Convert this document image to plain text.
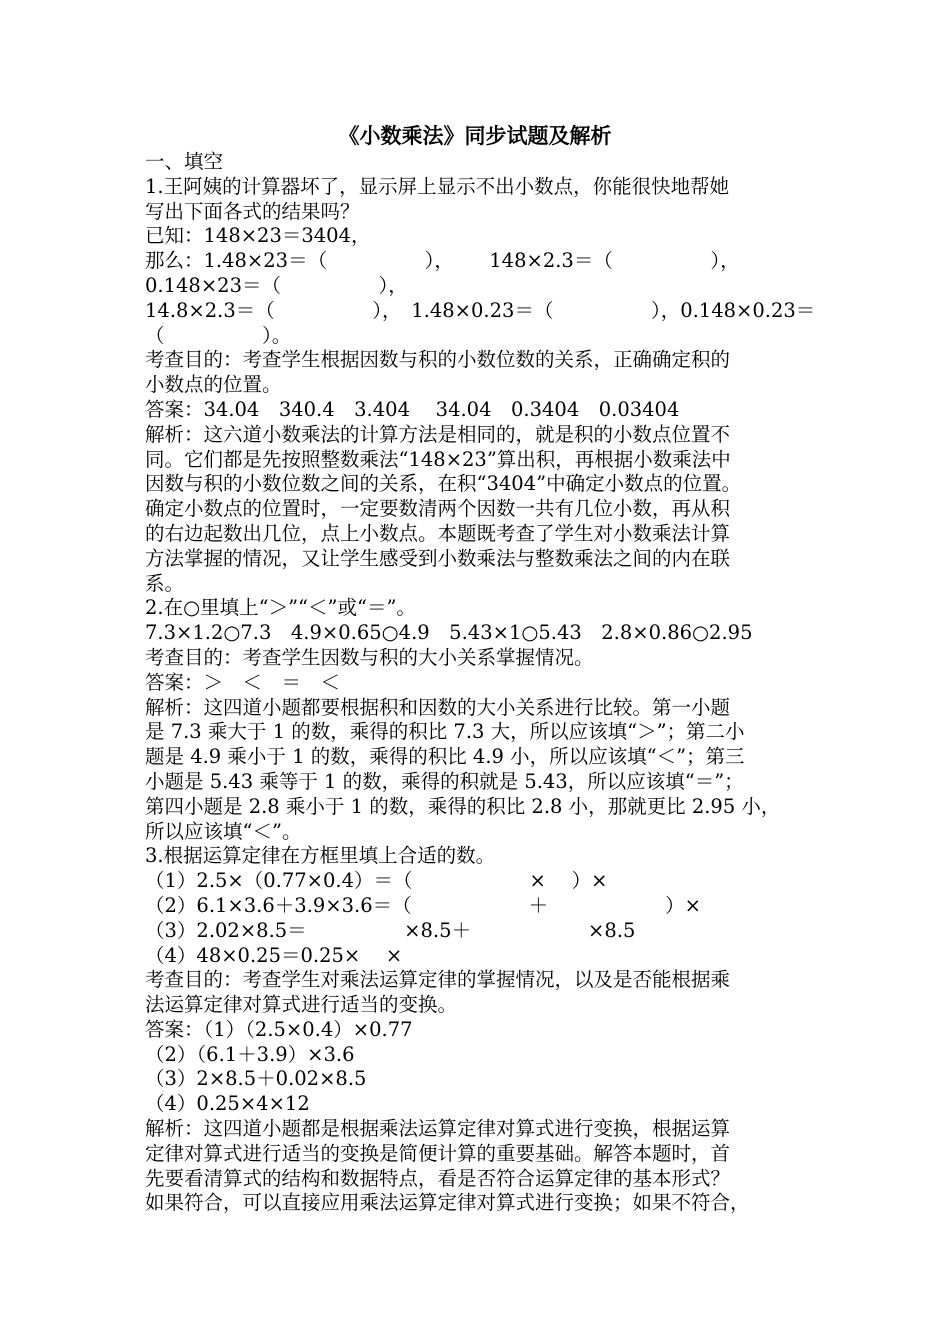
《小数乘法》同步试题及解析
一、填空
1.王阿姨的计算器坏了，显示屏上显示不出小数点，你能很快地帮她
写出下面各式的结果吗？
已知：148×23＝3404，
那么：1.48×23＝（　　　　　），　　 148×2.3＝（　　　　　），
0.148×23＝（　　　　　），
14.8×2.3＝（　　　　　），　1.48×0.23＝（　　　　　），0.148×0.23＝
（　　　　　）。
考查目的：考查学生根据因数与积的小数位数的关系，正确确定积的
小数点的位置。
答案：34.04　340.4　3.404　 34.04　0.3404　0.03404
解析：这六道小数乘法的计算方法是相同的，就是积的小数点位置不
同。它们都是先按照整数乘法“148×23”算出积，再根据小数乘法中
因数与积的小数位数之间的关系，在积“3404”中确定小数点的位置。
确定小数点的位置时，一定要数清两个因数一共有几位小数，再从积
的右边起数出几位，点上小数点。本题既考查了学生对小数乘法计算
方法掌握的情况，又让学生感受到小数乘法与整数乘法之间的内在联
系。
2.在○里填上“＞”“＜”或“＝”。
7.3×1.2○7.3　4.9×0.65○4.9　5.43×1○5.43　2.8×0.86○2.95
考查目的：考查学生因数与积的大小关系掌握情况。
答案：＞　＜　＝　＜
解析：这四道小题都要根据积和因数的大小关系进行比较。第一小题
是 7.3 乘大于 1 的数，乘得的积比 7.3 大，所以应该填“＞”；第二小
题是 4.9 乘小于 1 的数，乘得的积比 4.9 小，所以应该填“＜”；第三
小题是 5.43 乘等于 1 的数，乘得的积就是 5.43，所以应该填“＝”；
第四小题是 2.8 乘小于 1 的数，乘得的积比 2.8 小，那就更比 2.95 小，
所以应该填“＜”。
3.根据运算定律在方框里填上合适的数。
（1）2.5×（0.77×0.4）＝（　　　　　　×　 ）×
（2）6.1×3.6＋3.9×3.6＝（　　　　　　＋　　　　　　）×
（3）2.02×8.5＝　　　　　×8.5＋　　　　　　×8.5
（4）48×0.25＝0.25×　 ×
考查目的：考查学生对乘法运算定律的掌握情况，以及是否能根据乘
法运算定律对算式进行适当的变换。
答案：（1）（2.5×0.4）×0.77
（2）（6.1＋3.9）×3.6
（3）2×8.5＋0.02×8.5
（4）0.25×4×12
解析：这四道小题都是根据乘法运算定律对算式进行变换，根据运算
定律对算式进行适当的变换是简便计算的重要基础。解答本题时，首
先要看清算式的结构和数据特点，看是否符合运算定律的基本形式？
如果符合，可以直接应用乘法运算定律对算式进行变换；如果不符合，
